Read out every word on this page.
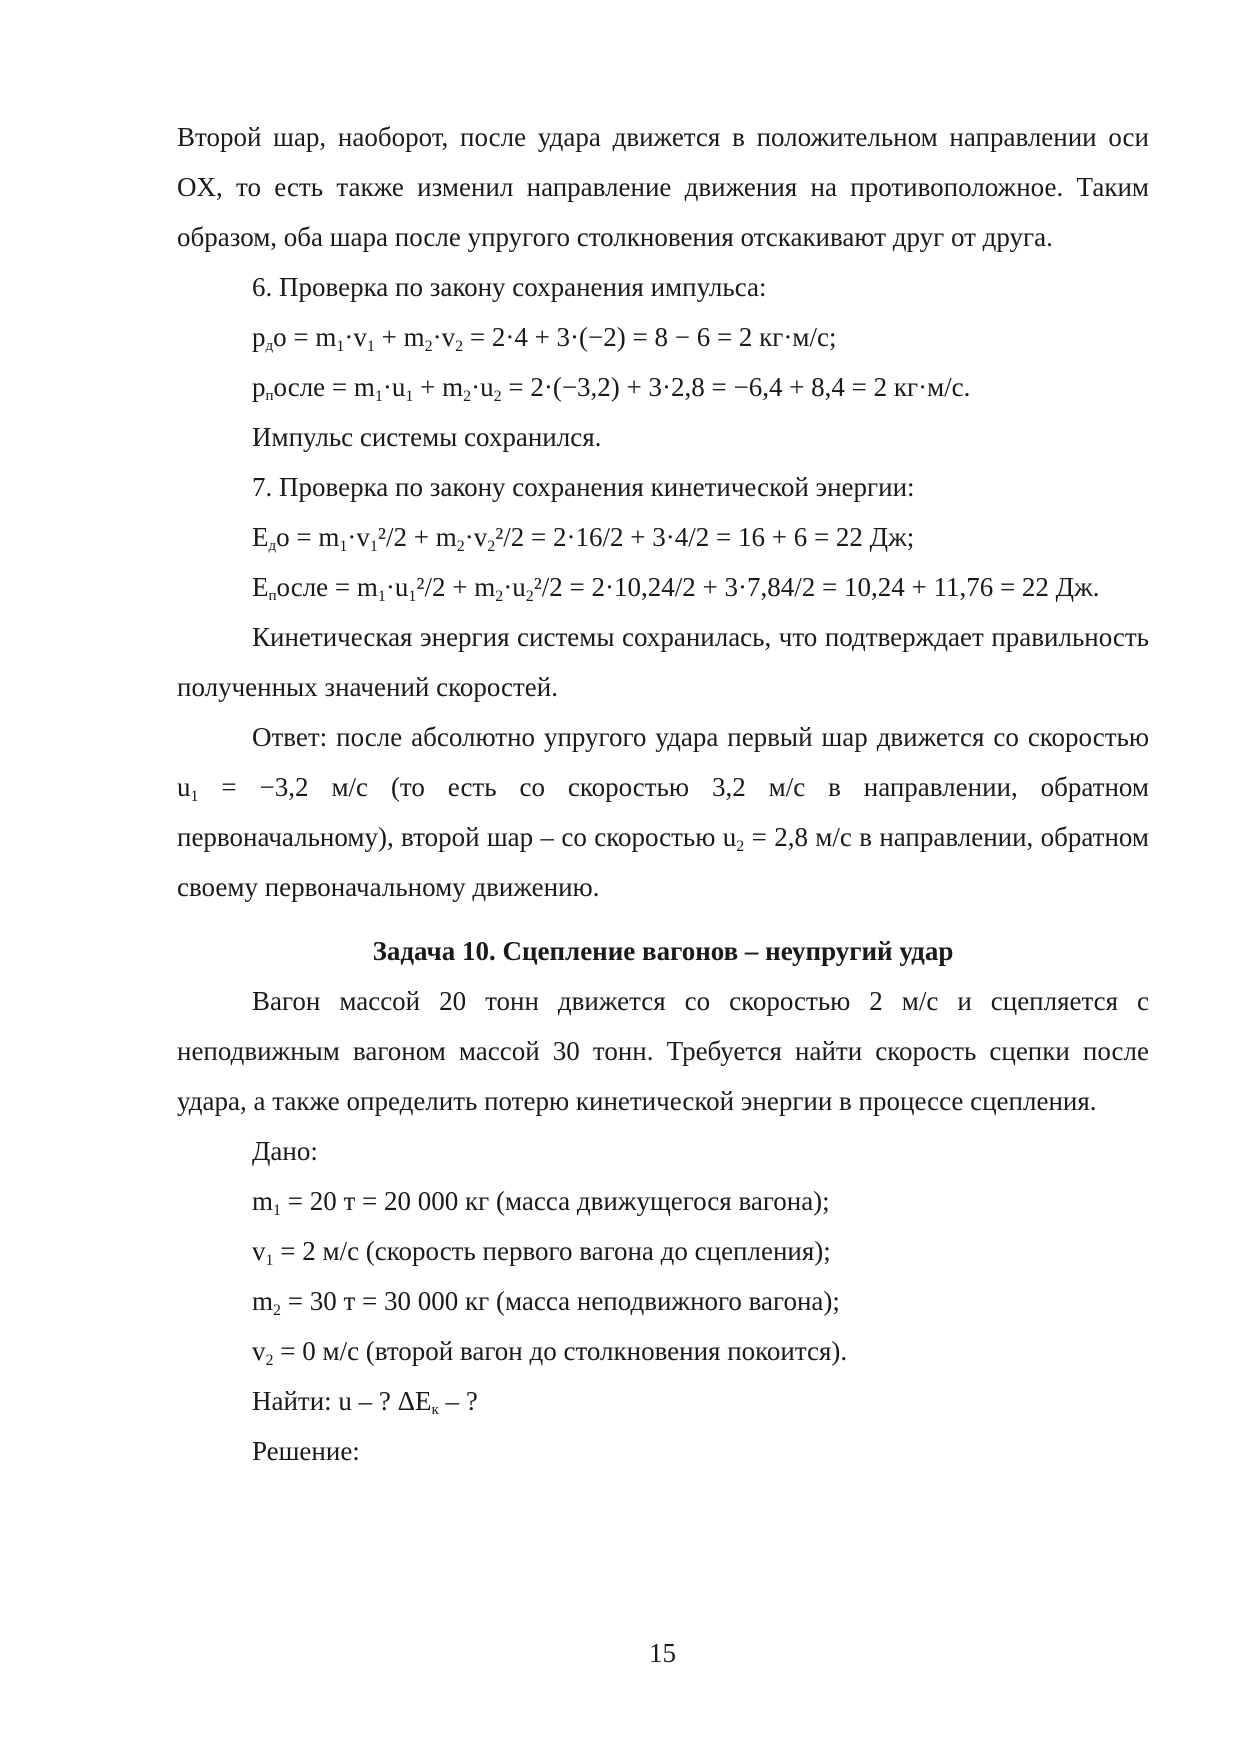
Второй шар, наоборот, после удара движется в положительном направлении оси OX, то есть также изменил направление движения на противоположное. Таким образом, оба шара после упругого столкновения отскакивают друг от друга.

6. Проверка по закону сохранения импульса:

$p_до = m_1\cdot v_1 + m_2\cdot v_2 = 2\cdot 4 + 3\cdot(-2) = 8 - 6 = 2$ кг·м/с;

$p_после = m_1\cdot u_1 + m_2\cdot u_2 = 2\cdot(-3,2) + 3\cdot 2,8 = -6,4 + 8,4 = 2$ кг·м/с.

Импульс системы сохранился.

7. Проверка по закону сохранения кинетической энергии:

$E_до = m_1\cdot v_1^2/2 + m_2\cdot v_2^2/2 = 2\cdot 16/2 + 3\cdot 4/2 = 16 + 6 = 22$ Дж;

$E_после = m_1\cdot u_1^2/2 + m_2\cdot u_2^2/2 = 2\cdot 10,24/2 + 3\cdot 7,84/2 = 10,24 + 11,76 = 22$ Дж.

Кинетическая энергия системы сохранилась, что подтверждает правильность полученных значений скоростей.

Ответ: после абсолютно упругого удара первый шар движется со скоростью $u_1 = -3,2$ м/с (то есть со скоростью 3,2 м/с в направлении, обратном первоначальному), второй шар – со скоростью $u_2 = 2,8$ м/с в направлении, обратном своему первоначальному движению.

Задача 10. Сцепление вагонов – неупругий удар

Вагон массой 20 тонн движется со скоростью 2 м/с и сцепляется с неподвижным вагоном массой 30 тонн. Требуется найти скорость сцепки после удара, а также определить потерю кинетической энергии в процессе сцепления.

Дано:

$m_1 = 20$ т = 20 000 кг (масса движущегося вагона);

$v_1 = 2$ м/с (скорость первого вагона до сцепления);

$m_2 = 30$ т = 30 000 кг (масса неподвижного вагона);

$v_2 = 0$ м/с (второй вагон до столкновения покоится).

Найти: u – ? $\Delta E_к$ – ?

Решение:

15
